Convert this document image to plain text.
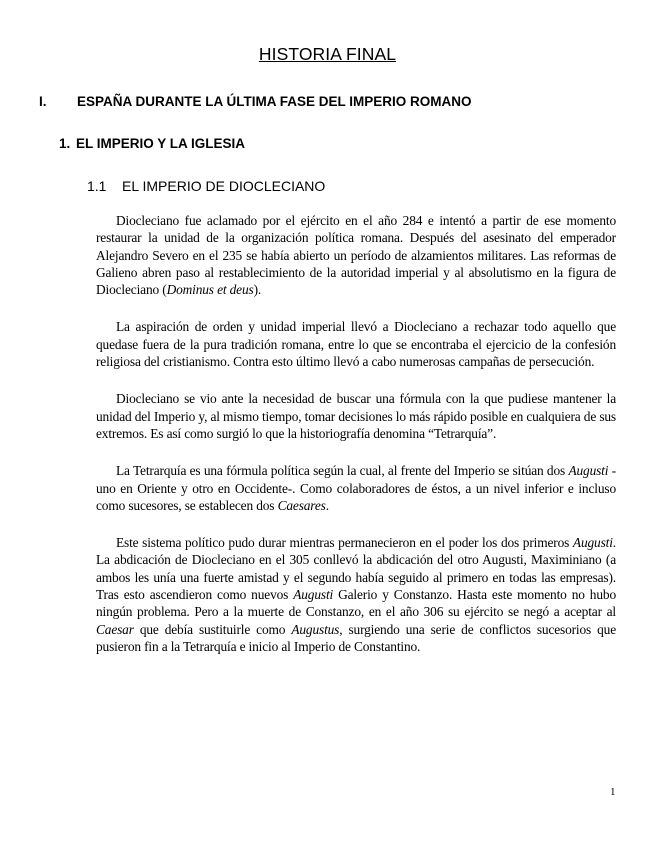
HISTORIA FINAL
I. ESPAÑA DURANTE LA ÚLTIMA FASE DEL IMPERIO ROMANO
1. EL IMPERIO Y LA IGLESIA
1.1 EL IMPERIO DE DIOCLECIANO

Diocleciano fue aclamado por el ejército en el año 284 e intentó a partir de ese momento restaurar la unidad de la organización política romana. Después del asesinato del emperador Alejandro Severo en el 235 se había abierto un período de alzamientos militares. Las reformas de Galieno abren paso al restablecimiento de la autoridad imperial y al absolutismo en la figura de Diocleciano (Dominus et deus).

La aspiración de orden y unidad imperial llevó a Diocleciano a rechazar todo aquello que quedase fuera de la pura tradición romana, entre lo que se encontraba el ejercicio de la confesión religiosa del cristianismo. Contra esto último llevó a cabo numerosas campañas de persecución.

Diocleciano se vio ante la necesidad de buscar una fórmula con la que pudiese mantener la unidad del Imperio y, al mismo tiempo, tomar decisiones lo más rápido posible en cualquiera de sus extremos. Es así como surgió lo que la historiografía denomina “Tetrarquía”.

La Tetrarquía es una fórmula política según la cual, al frente del Imperio se sitúan dos Augusti -uno en Oriente y otro en Occidente-. Como colaboradores de éstos, a un nivel inferior e incluso como sucesores, se establecen dos Caesares.

Este sistema político pudo durar mientras permanecieron en el poder los dos primeros Augusti. La abdicación de Diocleciano en el 305 conllevó la abdicación del otro Augusti, Maximiniano (a ambos les unía una fuerte amistad y el segundo había seguido al primero en todas las empresas). Tras esto ascendieron como nuevos Augusti Galerio y Constanzo. Hasta este momento no hubo ningún problema. Pero a la muerte de Constanzo, en el año 306 su ejército se negó a aceptar al Caesar que debía sustituirle como Augustus, surgiendo una serie de conflictos sucesorios que pusieron fin a la Tetrarquía e inicio al Imperio de Constantino.

1
